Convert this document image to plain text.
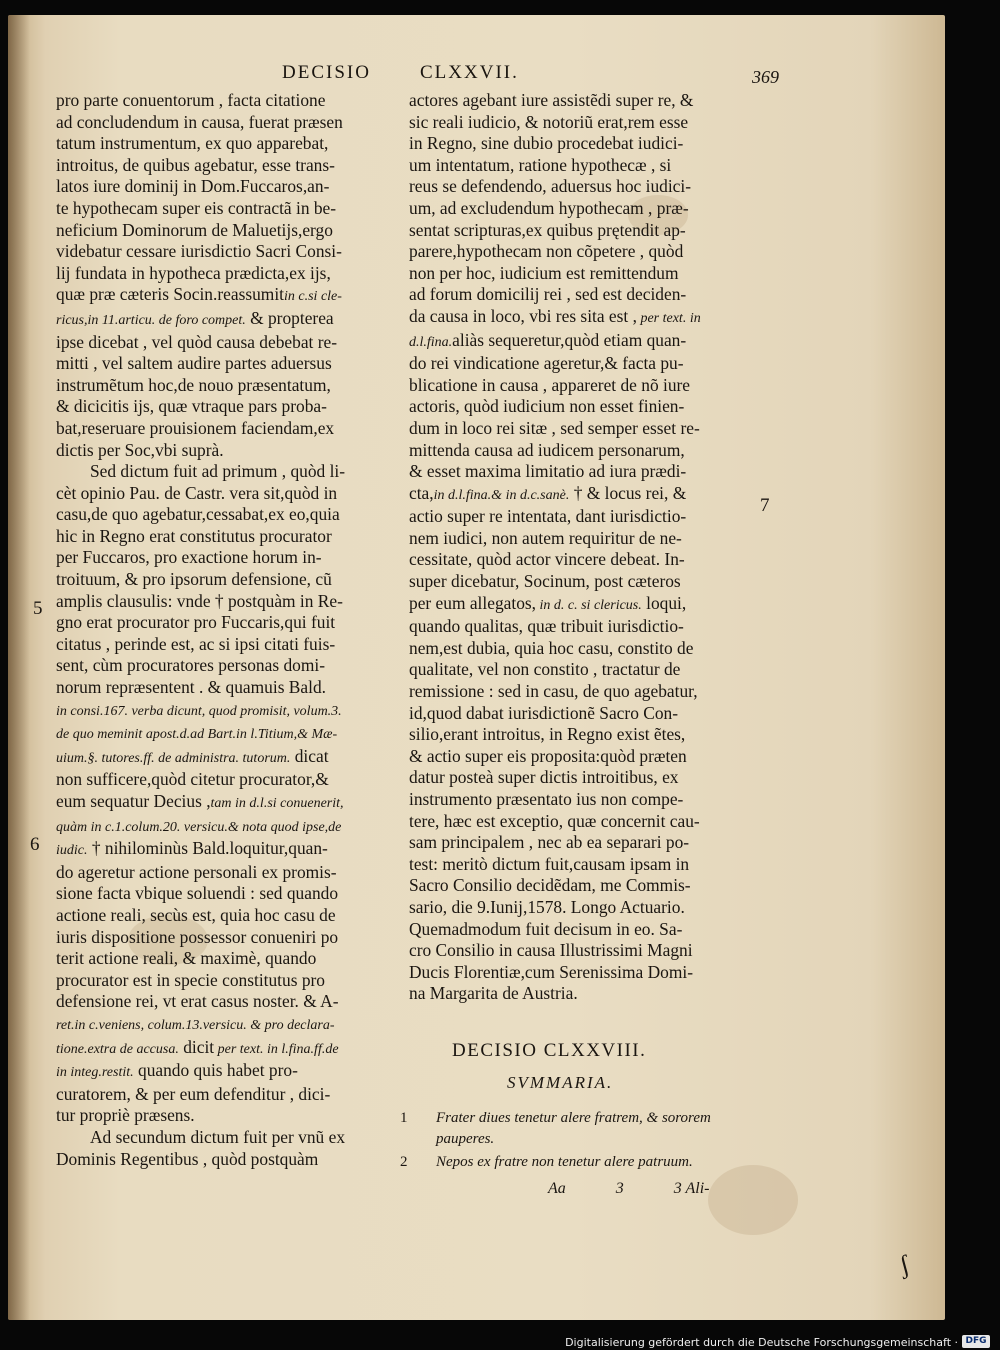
DECISIO	CLXXVII.	369

pro parte conuentorum , facta citatione

ad concludendum in causa, fuerat præsen

tatum instrumentum, ex quo apparebat,

introitus, de quibus agebatur, esse trans-

latos iure dominij in Dom.Fuccaros,an-

te hypothecam super eis contractã in be-

neficium Dominorum de Maluetijs,ergo

videbatur cessare iurisdictio Sacri Consi-

lij fundata in hypotheca prædicta,ex ijs,

quæ præ cæteris Socin.reassumitin c.si cle-

ricus,in 11.articu. de foro compet. & propterea

ipse dicebat , vel quòd causa debebat re-

mitti , vel saltem audire partes aduersus

instrumẽtum hoc,de nouo præsentatum,

& dicicitis ijs, quæ vtraque pars proba-

bat,reseruare prouisionem faciendam,ex

dictis per Soc,vbi suprà.

Sed dictum fuit ad primum , quòd li-

cèt opinio Pau. de Castr. vera sit,quòd in

casu,de quo agebatur,cessabat,ex eo,quia

hic in Regno erat constitutus procurator

per Fuccaros, pro exactione horum in-

troituum, & pro ipsorum defensione, cũ

amplis clausulis: vnde † postquàm in Re-

gno erat procurator pro Fuccaris,qui fuit

citatus , perinde est, ac si ipsi citati fuis-

sent, cùm procuratores personas domi-

norum repræsentent . & quamuis Bald.

in consi.167. verba dicunt, quod promisit, volum.3.

de quo meminit apost.d.ad Bart.in l.Titium,& Mæ-

uium.§. tutores.ff. de administra. tutorum. dicat

non sufficere,quòd citetur procurator,&

eum sequatur Decius ,tam in d.l.si conuenerit,

quàm in c.1.colum.20. versicu.& nota quod ipse,de

iudic. † nihilominùs Bald.loquitur,quan-

do ageretur actione personali ex promis-

sione facta vbique soluendi : sed quando

actione reali, secùs est, quia hoc casu de

iuris dispositione possessor conueniri po

terit actione reali, & maximè, quando

procurator est in specie constitutus pro

defensione rei, vt erat casus noster. & A-

ret.in c.veniens, colum.13.versicu. & pro declara-

tione.extra de accusa. dicit per text. in l.fina.ff.de

in integ.restit. quando quis habet pro-

curatorem, & per eum defenditur , dici-

tur propriè præsens.

Ad secundum dictum fuit per vnũ ex

Dominis Regentibus , quòd postquàm

actores agebant iure assistẽdi super re, &

sic reali iudicio, & notoriũ erat,rem esse

in Regno, sine dubio procedebat iudici-

um intentatum, ratione hypothecæ , si

reus se defendendo, aduersus hoc iudici-

um, ad excludendum hypothecam , præ-

sentat scripturas,ex quibus prętendit ap-

parere,hypothecam non cõpetere , quòd

non per hoc, iudicium est remittendum

ad forum domicilij rei , sed est deciden-

da causa in loco, vbi res sita est , per text. in

d.l.fina.aliàs sequeretur,quòd etiam quan-

do rei vindicatione ageretur,& facta pu-

blicatione in causa , appareret de nõ iure

actoris, quòd iudicium non esset finien-

dum in loco rei sitæ , sed semper esset re-

mittenda causa ad iudicem personarum,

& esset maxima limitatio ad iura prædi-

cta,in d.l.fina.& in d.c.sanè. † & locus rei, &

actio super re intentata, dant iurisdictio-

nem iudici, non autem requiritur de ne-

cessitate, quòd actor vincere debeat. In-

super dicebatur, Socinum, post cæteros

per eum allegatos, in d. c. si clericus. loqui,

quando qualitas, quæ tribuit iurisdictio-

nem,est dubia, quia hoc casu, constito de

qualitate, vel non constito , tractatur de

remissione : sed in casu, de quo agebatur,

id,quod dabat iurisdictionẽ Sacro Con-

silio,erant introitus, in Regno exist ẽtes,

& actio super eis proposita:quòd præten

datur posteà super dictis introitibus, ex

instrumento præsentato ius non compe-

tere, hæc est exceptio, quæ concernit cau-

sam principalem , nec ab ea separari po-

test: meritò dictum fuit,causam ipsam in

Sacro Consilio decidẽdam, me Commis-

sario, die 9.Iunij,1578. Longo Actuario.

Quemadmodum fuit decisum in eo. Sa-

cro Consilio in causa Illustrissimi Magni

Ducis Florentiæ,cum Serenissima Domi-

na Margarita de Austria.

5
6
7
DECISIO CLXXVIII.
SVMMARIA.
1 Frater diues tenetur alere fratrem, & sororem pauperes.
2 Nepos ex fratre non tenetur alere patruum.
Aa	3	3 Ali-
ʃ
Digitalisierung gefördert durch die Deutsche Forschungsgemeinschaft · DFG
